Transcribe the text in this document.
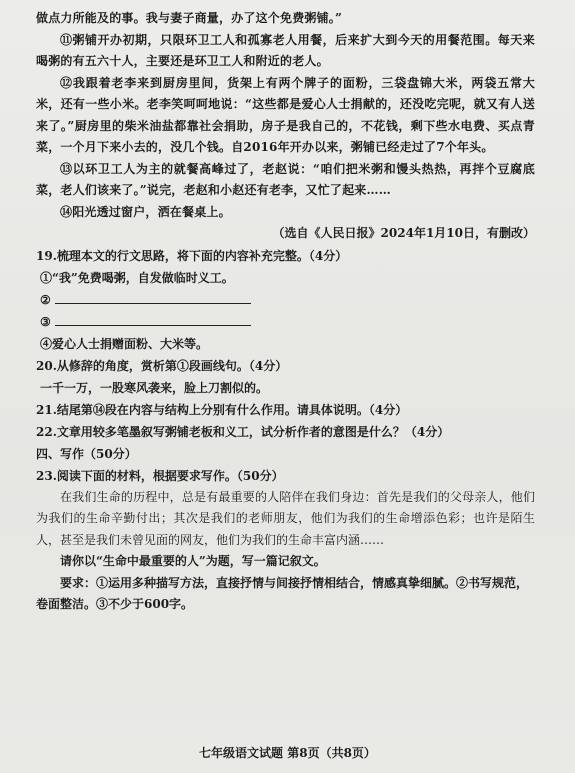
做点力所能及的事。我与妻子商量，办了这个免费粥铺。”

⑪粥铺开办初期，只限环卫工人和孤寡老人用餐，后来扩大到今天的用餐范围。每天来喝粥的有五六十人，主要还是环卫工人和附近的老人。

⑫我跟着老李来到厨房里间，货架上有两个牌子的面粉，三袋盘锦大米，两袋五常大米，还有一些小米。老李笑呵呵地说：“这些都是爱心人士捐献的，还没吃完呢，就又有人送来了。”厨房里的柴米油盐都靠社会捐助，房子是我自己的，不花钱，剩下些水电费、买点青菜，一个月下来小去的，没几个钱。自2016年开办以来，粥铺已经走过了7个年头。

⑬以环卫工人为主的就餐高峰过了，老赵说：“咱们把米粥和馒头热热，再拌个豆腐底菜，老人们该来了。”说完，老赵和小赵还有老李，又忙了起来……

⑭阳光透过窗户，洒在餐桌上。

（选自《人民日报》2024年1月10日，有删改）

19.梳理本文的行文思路，将下面的内容补充完整。（4分）

①“我”免费喝粥，自发做临时义工。

②

③

④爱心人士捐赠面粉、大米等。

20.从修辞的角度，赏析第①段画线句。（4分）

一千一万，一股寒风袭来，脸上刀割似的。

21.结尾第⑭段在内容与结构上分别有什么作用。请具体说明。（4分）

22.文章用较多笔墨叙写粥铺老板和义工，试分析作者的意图是什么？（4分）

四、写作（50分）

23.阅读下面的材料，根据要求写作。（50分）

在我们生命的历程中，总是有最重要的人陪伴在我们身边：首先是我们的父母亲人，他们为我们的生命辛勤付出；其次是我们的老师朋友，他们为我们的生命增添色彩；也许是陌生人，甚至是我们未曾见面的网友，他们为我们的生命丰富内涵……

请你以“生命中最重要的人”为题，写一篇记叙文。

要求：①运用多种描写方法，直接抒情与间接抒情相结合，情感真挚细腻。②书写规范，卷面整洁。③不少于600字。

七年级语文试题 第8页（共8页）
